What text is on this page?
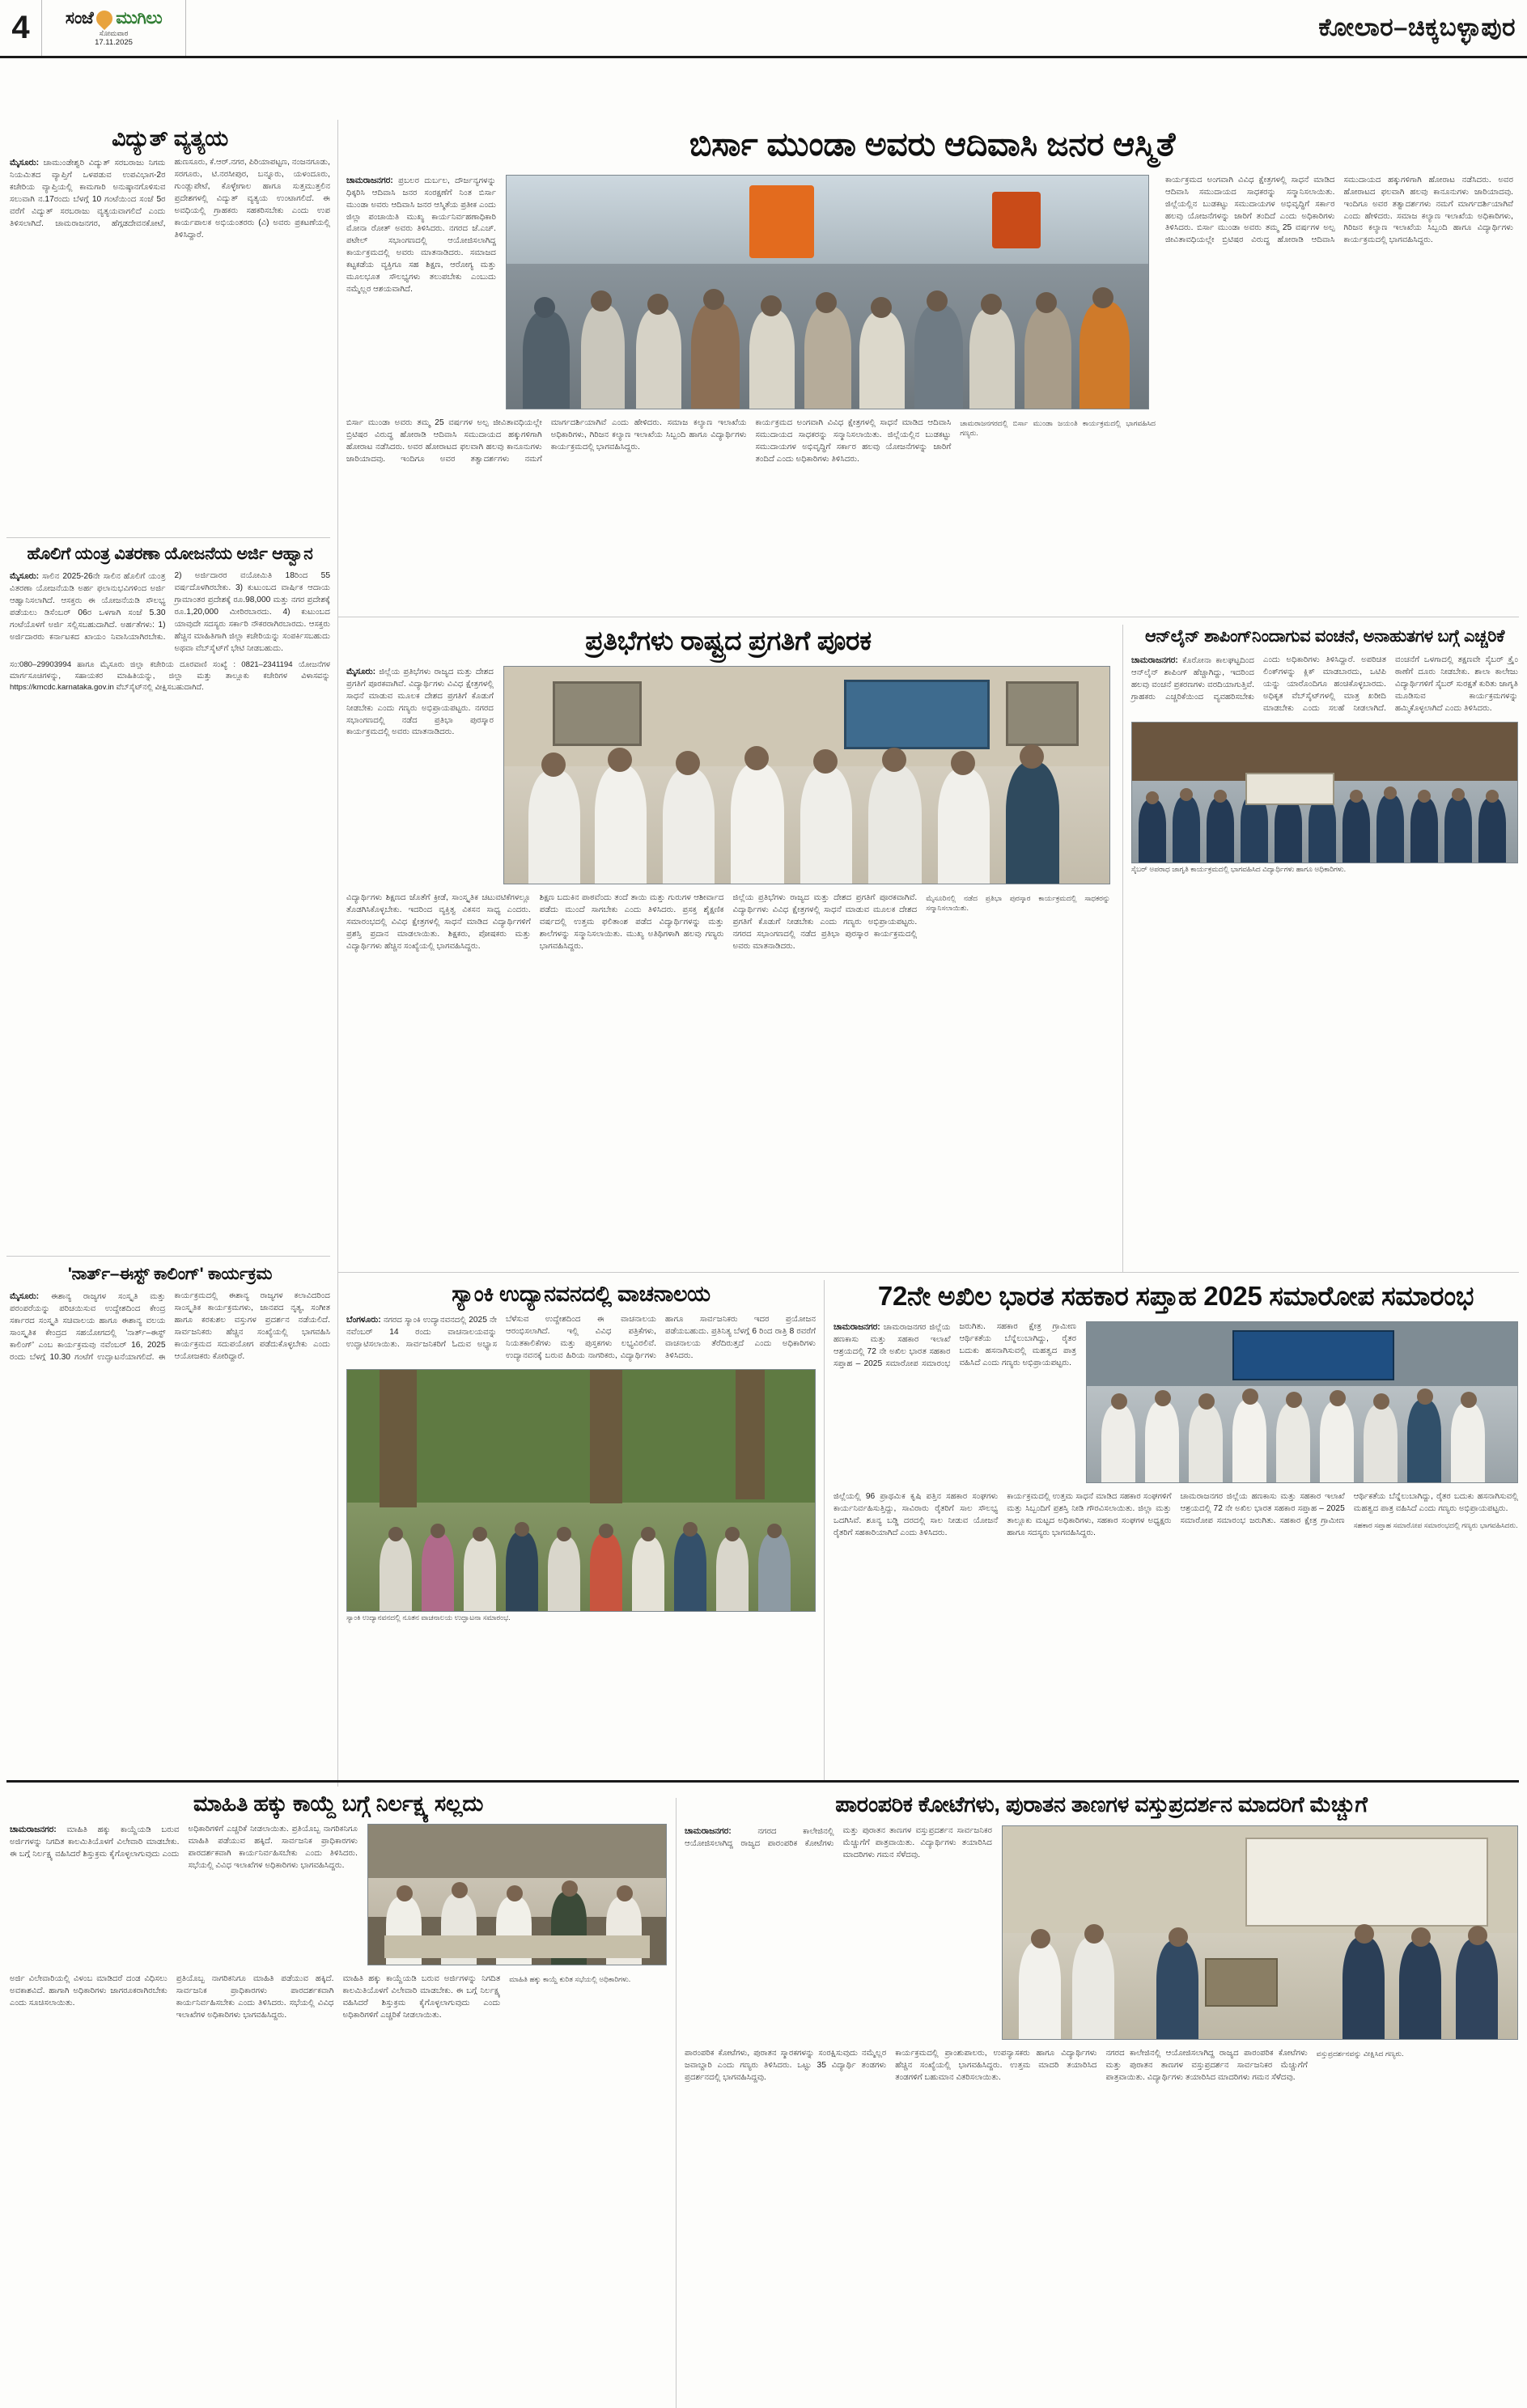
4	ಸಂಜೆ ಮುಗಿಲು
ಸೋಮವಾರ
17.11.2025
ಕೋಲಾರ–ಚಿಕ್ಕಬಳ್ಳಾಪುರ
ವಿದ್ಯುತ್ ವ್ಯತ್ಯಯ
ಮೈಸೂರು: ಚಾಮುಂಡೇಶ್ವರಿ ವಿದ್ಯುತ್ ಸರಬರಾಜು ನಿಗಮ ನಿಯಮಿತದ ವ್ಯಾಪ್ತಿಗೆ ಒಳಪಡುವ ಉಪವಿಭಾಗ-2ರ ಕಚೇರಿಯ ವ್ಯಾಪ್ತಿಯಲ್ಲಿ ಕಾಮಗಾರಿ ಅನುಷ್ಠಾನಗೊಳಿಸುವ ಸಲುವಾಗಿ ನ.17ರಂದು ಬೆಳಗ್ಗೆ 10 ಗಂಟೆಯಿಂದ ಸಂಜೆ 5ರ ವರೆಗೆ ವಿದ್ಯುತ್ ಸರಬರಾಜು ವ್ಯತ್ಯಯವಾಗಲಿದೆ ಎಂದು ತಿಳಿಸಲಾಗಿದೆ. ಚಾಮರಾಜನಗರ, ಹೆಗ್ಗಡದೇವನಕೋಟೆ, ಹುಣಸೂರು, ಕೆ.ಆರ್.ನಗರ, ಪಿರಿಯಾಪಟ್ಟಣ, ನಂಜನಗೂಡು, ಸರಗೂರು, ಟಿ.ನರಸೀಪುರ, ಬನ್ನೂರು, ಯಳಂದೂರು, ಗುಂಡ್ಲುಪೇಟೆ, ಕೊಳ್ಳೇಗಾಲ ಹಾಗೂ ಸುತ್ತಮುತ್ತಲಿನ ಪ್ರದೇಶಗಳಲ್ಲಿ ವಿದ್ಯುತ್ ವ್ಯತ್ಯಯ ಉಂಟಾಗಲಿದೆ. ಈ ಅವಧಿಯಲ್ಲಿ ಗ್ರಾಹಕರು ಸಹಕರಿಸಬೇಕು ಎಂದು ಉಪ ಕಾರ್ಯಪಾಲಕ ಅಭಿಯಂತರರು (ವಿ) ಅವರು ಪ್ರಕಟಣೆಯಲ್ಲಿ ತಿಳಿಸಿದ್ದಾರೆ.
ಹೊಲಿಗೆ ಯಂತ್ರ ವಿತರಣಾ ಯೋಜನೆಯ ಅರ್ಜಿ ಆಹ್ವಾನ
ಮೈಸೂರು: ಸಾಲಿನ 2025-26ನೇ ಸಾಲಿನ ಹೊಲಿಗೆ ಯಂತ್ರ ವಿತರಣಾ ಯೋಜನೆಯಡಿ ಅರ್ಹ ಫಲಾನುಭವಿಗಳಿಂದ ಅರ್ಜಿ ಆಹ್ವಾನಿಸಲಾಗಿದೆ. ಆಸಕ್ತರು ಈ ಯೋಜನೆಯಡಿ ಸೌಲಭ್ಯ ಪಡೆಯಲು ಡಿಸೆಂಬರ್ 06ರ ಒಳಗಾಗಿ ಸಂಜೆ 5.30 ಗಂಟೆಯೊಳಗೆ ಅರ್ಜಿ ಸಲ್ಲಿಸಬಹುದಾಗಿದೆ. ಅರ್ಹತೆಗಳು: 1) ಅರ್ಜಿದಾರರು ಕರ್ನಾಟಕದ ಖಾಯಂ ನಿವಾಸಿಯಾಗಿರಬೇಕು. 2) ಅರ್ಜಿದಾರರ ವಯೋಮಿತಿ 18ರಿಂದ 55 ವರ್ಷದೊಳಗಿರಬೇಕು. 3) ಕುಟುಂಬದ ವಾರ್ಷಿಕ ಆದಾಯ ಗ್ರಾಮಾಂತರ ಪ್ರದೇಶಕ್ಕೆ ರೂ.98,000 ಮತ್ತು ನಗರ ಪ್ರದೇಶಕ್ಕೆ ರೂ.1,20,000 ಮೀರಿರಬಾರದು. 4) ಕುಟುಂಬದ ಯಾವುದೇ ಸದಸ್ಯರು ಸರ್ಕಾರಿ ನೌಕರರಾಗಿರಬಾರದು. ಆಸಕ್ತರು ಹೆಚ್ಚಿನ ಮಾಹಿತಿಗಾಗಿ ಜಿಲ್ಲಾ ಕಚೇರಿಯನ್ನು ಸಂಪರ್ಕಿಸಬಹುದು ಅಥವಾ ವೆಬ್‌ಸೈಟ್‌ಗೆ ಭೇಟಿ ನೀಡಬಹುದು.
ಸಂ:080–29903994 ಹಾಗೂ ಮೈಸೂರು ಜಿಲ್ಲಾ ಕಚೇರಿಯ ದೂರವಾಣಿ ಸಂಖ್ಯೆ : 0821–2341194 ಯೋಜನೆಗಳ ಮಾರ್ಗಸೂಚಿಗಳನ್ನು, ಸಹಾಯಕರ ಮಾಹಿತಿಯನ್ನು, ಜಿಲ್ಲಾ ಮತ್ತು ತಾಲ್ಲೂಕು ಕಚೇರಿಗಳ ವಿಳಾಸವನ್ನು https://kmcdc.karnataka.gov.in ವೆಬ್‌ಸೈಟ್‌ನಲ್ಲಿ ವೀಕ್ಷಿಸಬಹುದಾಗಿದೆ.
'ನಾರ್ತ್–ಈಸ್ಟ್ ಕಾಲಿಂಗ್' ಕಾರ್ಯಕ್ರಮ
ಮೈಸೂರು: ಈಶಾನ್ಯ ರಾಜ್ಯಗಳ ಸಂಸ್ಕೃತಿ ಮತ್ತು ಪರಂಪರೆಯನ್ನು ಪರಿಚಯಿಸುವ ಉದ್ದೇಶದಿಂದ ಕೇಂದ್ರ ಸರ್ಕಾರದ ಸಂಸ್ಕೃತಿ ಸಚಿವಾಲಯ ಹಾಗೂ ಈಶಾನ್ಯ ವಲಯ ಸಾಂಸ್ಕೃತಿಕ ಕೇಂದ್ರದ ಸಹಯೋಗದಲ್ಲಿ 'ನಾರ್ತ್–ಈಸ್ಟ್ ಕಾಲಿಂಗ್' ಎಂಬ ಕಾರ್ಯಕ್ರಮವು ನವೆಂಬರ್ 16, 2025 ರಂದು ಬೆಳಗ್ಗೆ 10.30 ಗಂಟೆಗೆ ಉದ್ಘಾಟನೆಯಾಗಲಿದೆ. ಈ ಕಾರ್ಯಕ್ರಮದಲ್ಲಿ ಈಶಾನ್ಯ ರಾಜ್ಯಗಳ ಕಲಾವಿದರಿಂದ ಸಾಂಸ್ಕೃತಿಕ ಕಾರ್ಯಕ್ರಮಗಳು, ಜಾನಪದ ನೃತ್ಯ, ಸಂಗೀತ ಹಾಗೂ ಕರಕುಶಲ ವಸ್ತುಗಳ ಪ್ರದರ್ಶನ ನಡೆಯಲಿದೆ. ಸಾರ್ವಜನಿಕರು ಹೆಚ್ಚಿನ ಸಂಖ್ಯೆಯಲ್ಲಿ ಭಾಗವಹಿಸಿ ಕಾರ್ಯಕ್ರಮದ ಸದುಪಯೋಗ ಪಡೆದುಕೊಳ್ಳಬೇಕು ಎಂದು ಆಯೋಜಕರು ಕೋರಿದ್ದಾರೆ.
ಬಿರ್ಸಾ ಮುಂಡಾ ಅವರು ಆದಿವಾಸಿ ಜನರ ಆಸ್ಮಿತೆ
ಚಾಮರಾಜನಗರ: ಪ್ರಬಲರ ದುರ್ಬಲ, ದೌರ್ಜನ್ಯಗಳನ್ನು ಧಿಕ್ಕರಿಸಿ ಆದಿವಾಸಿ ಜನರ ಸಂರಕ್ಷಣೆಗೆ ನಿಂತ ಬಿರ್ಸಾ ಮುಂಡಾ ಅವರು ಆದಿವಾಸಿ ಜನರ ಆಸ್ಮಿತೆಯ ಪ್ರತೀಕ ಎಂದು ಜಿಲ್ಲಾ ಪಂಚಾಯಿತಿ ಮುಖ್ಯ ಕಾರ್ಯನಿರ್ವಹಣಾಧಿಕಾರಿ ಮೋನಾ ರೋತ್ ಅವರು ತಿಳಿಸಿದರು. ನಗರದ ಜೆ.ಎಚ್. ಪಟೇಲ್ ಸಭಾಂಗಣದಲ್ಲಿ ಆಯೋಜಿಸಲಾಗಿದ್ದ ಕಾರ್ಯಕ್ರಮದಲ್ಲಿ ಅವರು ಮಾತನಾಡಿದರು. ಸಮಾಜದ ಕಟ್ಟಕಡೆಯ ವ್ಯಕ್ತಿಗೂ ಸಹ ಶಿಕ್ಷಣ, ಆರೋಗ್ಯ ಮತ್ತು ಮೂಲಭೂತ ಸೌಲಭ್ಯಗಳು ತಲುಪಬೇಕು ಎಂಬುದು ನಮ್ಮೆಲ್ಲರ ಆಶಯವಾಗಿದೆ.

ಬಿರ್ಸಾ ಮುಂಡಾ ಅವರು ತಮ್ಮ 25 ವರ್ಷಗಳ ಅಲ್ಪ ಜೀವಿತಾವಧಿಯಲ್ಲೇ ಬ್ರಿಟಿಷರ ವಿರುದ್ಧ ಹೋರಾಡಿ ಆದಿವಾಸಿ ಸಮುದಾಯದ ಹಕ್ಕುಗಳಿಗಾಗಿ ಹೋರಾಟ ನಡೆಸಿದರು. ಅವರ ಹೋರಾಟದ ಫಲವಾಗಿ ಹಲವು ಕಾನೂನುಗಳು ಜಾರಿಯಾದವು. ಇಂದಿಗೂ ಅವರ ತತ್ವಾದರ್ಶಗಳು ನಮಗೆ ಮಾರ್ಗದರ್ಶಿಯಾಗಿವೆ ಎಂದು ಹೇಳಿದರು. ಸಮಾಜ ಕಲ್ಯಾಣ ಇಲಾಖೆಯ ಅಧಿಕಾರಿಗಳು, ಗಿರಿಜನ ಕಲ್ಯಾಣ ಇಲಾಖೆಯ ಸಿಬ್ಬಂದಿ ಹಾಗೂ ವಿದ್ಯಾರ್ಥಿಗಳು ಕಾರ್ಯಕ್ರಮದಲ್ಲಿ ಭಾಗವಹಿಸಿದ್ದರು.

ಕಾರ್ಯಕ್ರಮದ ಅಂಗವಾಗಿ ವಿವಿಧ ಕ್ಷೇತ್ರಗಳಲ್ಲಿ ಸಾಧನೆ ಮಾಡಿದ ಆದಿವಾಸಿ ಸಮುದಾಯದ ಸಾಧಕರನ್ನು ಸನ್ಮಾನಿಸಲಾಯಿತು. ಜಿಲ್ಲೆಯಲ್ಲಿನ ಬುಡಕಟ್ಟು ಸಮುದಾಯಗಳ ಅಭಿವೃದ್ಧಿಗೆ ಸರ್ಕಾರ ಹಲವು ಯೋಜನೆಗಳನ್ನು ಜಾರಿಗೆ ತಂದಿದೆ ಎಂದು ಅಧಿಕಾರಿಗಳು ತಿಳಿಸಿದರು.

ಚಾಮರಾಜನಗರದಲ್ಲಿ ಬಿರ್ಸಾ ಮುಂಡಾ ಜಯಂತಿ ಕಾರ್ಯಕ್ರಮದಲ್ಲಿ ಭಾಗವಹಿಸಿದ ಗಣ್ಯರು.

ಕಾರ್ಯಕ್ರಮದ ಅಂಗವಾಗಿ ವಿವಿಧ ಕ್ಷೇತ್ರಗಳಲ್ಲಿ ಸಾಧನೆ ಮಾಡಿದ ಆದಿವಾಸಿ ಸಮುದಾಯದ ಸಾಧಕರನ್ನು ಸನ್ಮಾನಿಸಲಾಯಿತು. ಜಿಲ್ಲೆಯಲ್ಲಿನ ಬುಡಕಟ್ಟು ಸಮುದಾಯಗಳ ಅಭಿವೃದ್ಧಿಗೆ ಸರ್ಕಾರ ಹಲವು ಯೋಜನೆಗಳನ್ನು ಜಾರಿಗೆ ತಂದಿದೆ ಎಂದು ಅಧಿಕಾರಿಗಳು ತಿಳಿಸಿದರು. ಬಿರ್ಸಾ ಮುಂಡಾ ಅವರು ತಮ್ಮ 25 ವರ್ಷಗಳ ಅಲ್ಪ ಜೀವಿತಾವಧಿಯಲ್ಲೇ ಬ್ರಿಟಿಷರ ವಿರುದ್ಧ ಹೋರಾಡಿ ಆದಿವಾಸಿ ಸಮುದಾಯದ ಹಕ್ಕುಗಳಿಗಾಗಿ ಹೋರಾಟ ನಡೆಸಿದರು. ಅವರ ಹೋರಾಟದ ಫಲವಾಗಿ ಹಲವು ಕಾನೂನುಗಳು ಜಾರಿಯಾದವು. ಇಂದಿಗೂ ಅವರ ತತ್ವಾದರ್ಶಗಳು ನಮಗೆ ಮಾರ್ಗದರ್ಶಿಯಾಗಿವೆ ಎಂದು ಹೇಳಿದರು. ಸಮಾಜ ಕಲ್ಯಾಣ ಇಲಾಖೆಯ ಅಧಿಕಾರಿಗಳು, ಗಿರಿಜನ ಕಲ್ಯಾಣ ಇಲಾಖೆಯ ಸಿಬ್ಬಂದಿ ಹಾಗೂ ವಿದ್ಯಾರ್ಥಿಗಳು ಕಾರ್ಯಕ್ರಮದಲ್ಲಿ ಭಾಗವಹಿಸಿದ್ದರು.
ಪ್ರತಿಭೆಗಳು ರಾಷ್ಟ್ರದ ಪ್ರಗತಿಗೆ ಪೂರಕ
ಮೈಸೂರು: ಜಿಲ್ಲೆಯ ಪ್ರತಿಭೆಗಳು ರಾಜ್ಯದ ಮತ್ತು ದೇಶದ ಪ್ರಗತಿಗೆ ಪೂರಕವಾಗಿವೆ. ವಿದ್ಯಾರ್ಥಿಗಳು ವಿವಿಧ ಕ್ಷೇತ್ರಗಳಲ್ಲಿ ಸಾಧನೆ ಮಾಡುವ ಮೂಲಕ ದೇಶದ ಪ್ರಗತಿಗೆ ಕೊಡುಗೆ ನೀಡಬೇಕು ಎಂದು ಗಣ್ಯರು ಅಭಿಪ್ರಾಯಪಟ್ಟರು. ನಗರದ ಸಭಾಂಗಣದಲ್ಲಿ ನಡೆದ ಪ್ರತಿಭಾ ಪುರಸ್ಕಾರ ಕಾರ್ಯಕ್ರಮದಲ್ಲಿ ಅವರು ಮಾತನಾಡಿದರು.

ವಿದ್ಯಾರ್ಥಿಗಳು ಶಿಕ್ಷಣದ ಜೊತೆಗೆ ಕ್ರೀಡೆ, ಸಾಂಸ್ಕೃತಿಕ ಚಟುವಟಿಕೆಗಳಲ್ಲೂ ತೊಡಗಿಸಿಕೊಳ್ಳಬೇಕು. ಇದರಿಂದ ವ್ಯಕ್ತಿತ್ವ ವಿಕಸನ ಸಾಧ್ಯ ಎಂದರು. ಸಮಾರಂಭದಲ್ಲಿ ವಿವಿಧ ಕ್ಷೇತ್ರಗಳಲ್ಲಿ ಸಾಧನೆ ಮಾಡಿದ ವಿದ್ಯಾರ್ಥಿಗಳಿಗೆ ಪ್ರಶಸ್ತಿ ಪ್ರದಾನ ಮಾಡಲಾಯಿತು. ಶಿಕ್ಷಕರು, ಪೋಷಕರು ಮತ್ತು ವಿದ್ಯಾರ್ಥಿಗಳು ಹೆಚ್ಚಿನ ಸಂಖ್ಯೆಯಲ್ಲಿ ಭಾಗವಹಿಸಿದ್ದರು.

ಶಿಕ್ಷಣ ಬದುಕಿನ ಪಾಠವೆಂದು ತಂದೆ ತಾಯಿ ಮತ್ತು ಗುರುಗಳ ಆಶೀರ್ವಾದ ಪಡೆದು ಮುಂದೆ ಸಾಗಬೇಕು ಎಂದು ತಿಳಿಸಿದರು. ಪ್ರಸಕ್ತ ಶೈಕ್ಷಣಿಕ ವರ್ಷದಲ್ಲಿ ಉತ್ತಮ ಫಲಿತಾಂಶ ಪಡೆದ ವಿದ್ಯಾರ್ಥಿಗಳನ್ನು ಮತ್ತು ಶಾಲೆಗಳನ್ನು ಸನ್ಮಾನಿಸಲಾಯಿತು. ಮುಖ್ಯ ಅತಿಥಿಗಳಾಗಿ ಹಲವು ಗಣ್ಯರು ಭಾಗವಹಿಸಿದ್ದರು.

ಜಿಲ್ಲೆಯ ಪ್ರತಿಭೆಗಳು ರಾಜ್ಯದ ಮತ್ತು ದೇಶದ ಪ್ರಗತಿಗೆ ಪೂರಕವಾಗಿವೆ. ವಿದ್ಯಾರ್ಥಿಗಳು ವಿವಿಧ ಕ್ಷೇತ್ರಗಳಲ್ಲಿ ಸಾಧನೆ ಮಾಡುವ ಮೂಲಕ ದೇಶದ ಪ್ರಗತಿಗೆ ಕೊಡುಗೆ ನೀಡಬೇಕು ಎಂದು ಗಣ್ಯರು ಅಭಿಪ್ರಾಯಪಟ್ಟರು. ನಗರದ ಸಭಾಂಗಣದಲ್ಲಿ ನಡೆದ ಪ್ರತಿಭಾ ಪುರಸ್ಕಾರ ಕಾರ್ಯಕ್ರಮದಲ್ಲಿ ಅವರು ಮಾತನಾಡಿದರು.

ಮೈಸೂರಿನಲ್ಲಿ ನಡೆದ ಪ್ರತಿಭಾ ಪುರಸ್ಕಾರ ಕಾರ್ಯಕ್ರಮದಲ್ಲಿ ಸಾಧಕರನ್ನು ಸನ್ಮಾನಿಸಲಾಯಿತು.

ಆನ್‌ಲೈನ್ ಶಾಪಿಂಗ್‌ನಿಂದಾಗುವ ವಂಚನೆ, ಅನಾಹುತಗಳ ಬಗ್ಗೆ ಎಚ್ಚರಿಕೆ
ಚಾಮರಾಜನಗರ: ಕೊರೋನಾ ಕಾಲಘಟ್ಟದಿಂದ ಆನ್‌ಲೈನ್ ಶಾಪಿಂಗ್ ಹೆಚ್ಚಾಗಿದ್ದು, ಇದರಿಂದ ಹಲವು ವಂಚನೆ ಪ್ರಕರಣಗಳು ವರದಿಯಾಗುತ್ತಿವೆ. ಗ್ರಾಹಕರು ಎಚ್ಚರಿಕೆಯಿಂದ ವ್ಯವಹರಿಸಬೇಕು ಎಂದು ಅಧಿಕಾರಿಗಳು ತಿಳಿಸಿದ್ದಾರೆ. ಅಪರಿಚಿತ ಲಿಂಕ್‌ಗಳನ್ನು ಕ್ಲಿಕ್ ಮಾಡಬಾರದು, ಒಟಿಪಿ ಯನ್ನು ಯಾರೊಂದಿಗೂ ಹಂಚಿಕೊಳ್ಳಬಾರದು. ಅಧಿಕೃತ ವೆಬ್‌ಸೈಟ್‌ಗಳಲ್ಲಿ ಮಾತ್ರ ಖರೀದಿ ಮಾಡಬೇಕು ಎಂದು ಸಲಹೆ ನೀಡಲಾಗಿದೆ. ವಂಚನೆಗೆ ಒಳಗಾದಲ್ಲಿ ತಕ್ಷಣವೇ ಸೈಬರ್ ಕ್ರೈಂ ಠಾಣೆಗೆ ದೂರು ನೀಡಬೇಕು. ಶಾಲಾ ಕಾಲೇಜು ವಿದ್ಯಾರ್ಥಿಗಳಿಗೆ ಸೈಬರ್ ಸುರಕ್ಷತೆ ಕುರಿತು ಜಾಗೃತಿ ಮೂಡಿಸುವ ಕಾರ್ಯಕ್ರಮಗಳನ್ನು ಹಮ್ಮಿಕೊಳ್ಳಲಾಗಿದೆ ಎಂದು ತಿಳಿಸಿದರು.
ಸೈಬರ್ ಅಪರಾಧ ಜಾಗೃತಿ ಕಾರ್ಯಕ್ರಮದಲ್ಲಿ ಭಾಗವಹಿಸಿದ ವಿದ್ಯಾರ್ಥಿಗಳು ಹಾಗೂ ಅಧಿಕಾರಿಗಳು.
ಸ್ಯಾಂಕಿ ಉದ್ಯಾನವನದಲ್ಲಿ ವಾಚನಾಲಯ
ಬೆಂಗಳೂರು: ನಗರದ ಸ್ಯಾಂಕಿ ಉದ್ಯಾನವನದಲ್ಲಿ 2025 ನೇ ನವೆಂಬರ್ 14 ರಂದು ವಾಚನಾಲಯವನ್ನು ಉದ್ಘಾಟಿಸಲಾಯಿತು. ಸಾರ್ವಜನಿಕರಿಗೆ ಓದುವ ಅಭ್ಯಾಸ ಬೆಳೆಸುವ ಉದ್ದೇಶದಿಂದ ಈ ವಾಚನಾಲಯ ಆರಂಭಿಸಲಾಗಿದೆ. ಇಲ್ಲಿ ವಿವಿಧ ಪತ್ರಿಕೆಗಳು, ನಿಯತಕಾಲಿಕೆಗಳು ಮತ್ತು ಪುಸ್ತಕಗಳು ಲಭ್ಯವಿರಲಿವೆ. ಉದ್ಯಾನವನಕ್ಕೆ ಬರುವ ಹಿರಿಯ ನಾಗರಿಕರು, ವಿದ್ಯಾರ್ಥಿಗಳು ಹಾಗೂ ಸಾರ್ವಜನಿಕರು ಇದರ ಪ್ರಯೋಜನ ಪಡೆಯಬಹುದು. ಪ್ರತಿನಿತ್ಯ ಬೆಳಗ್ಗೆ 6 ರಿಂದ ರಾತ್ರಿ 8 ರವರೆಗೆ ವಾಚನಾಲಯ ತೆರೆದಿರುತ್ತದೆ ಎಂದು ಅಧಿಕಾರಿಗಳು ತಿಳಿಸಿದರು.
ಸ್ಯಾಂಕಿ ಉದ್ಯಾನವನದಲ್ಲಿ ನೂತನ ವಾಚನಾಲಯ ಉದ್ಘಾಟನಾ ಸಮಾರಂಭ.
72ನೇ ಅಖಿಲ ಭಾರತ ಸಹಕಾರ ಸಪ್ತಾಹ 2025 ಸಮಾರೋಪ ಸಮಾರಂಭ
ಚಾಮರಾಜನಗರ: ಚಾಮರಾಜನಗರ ಜಿಲ್ಲೆಯ ಹಣಕಾಸು ಮತ್ತು ಸಹಕಾರ ಇಲಾಖೆ ಆಶ್ರಯದಲ್ಲಿ 72 ನೇ ಅಖಿಲ ಭಾರತ ಸಹಕಾರ ಸಪ್ತಾಹ – 2025 ಸಮಾರೋಪ ಸಮಾರಂಭ ಜರುಗಿತು. ಸಹಕಾರ ಕ್ಷೇತ್ರ ಗ್ರಾಮೀಣ ಆರ್ಥಿಕತೆಯ ಬೆನ್ನೆಲುಬಾಗಿದ್ದು, ರೈತರ ಬದುಕು ಹಸನಾಗಿಸುವಲ್ಲಿ ಮಹತ್ವದ ಪಾತ್ರ ವಹಿಸಿದೆ ಎಂದು ಗಣ್ಯರು ಅಭಿಪ್ರಾಯಪಟ್ಟರು.

ಜಿಲ್ಲೆಯಲ್ಲಿ 96 ಪ್ರಾಥಮಿಕ ಕೃಷಿ ಪತ್ತಿನ ಸಹಕಾರ ಸಂಘಗಳು ಕಾರ್ಯನಿರ್ವಹಿಸುತ್ತಿದ್ದು, ಸಾವಿರಾರು ರೈತರಿಗೆ ಸಾಲ ಸೌಲಭ್ಯ ಒದಗಿಸಿವೆ. ಶೂನ್ಯ ಬಡ್ಡಿ ದರದಲ್ಲಿ ಸಾಲ ನೀಡುವ ಯೋಜನೆ ರೈತರಿಗೆ ಸಹಕಾರಿಯಾಗಿದೆ ಎಂದು ತಿಳಿಸಿದರು.

ಕಾರ್ಯಕ್ರಮದಲ್ಲಿ ಉತ್ತಮ ಸಾಧನೆ ಮಾಡಿದ ಸಹಕಾರ ಸಂಘಗಳಿಗೆ ಮತ್ತು ಸಿಬ್ಬಂದಿಗೆ ಪ್ರಶಸ್ತಿ ನೀಡಿ ಗೌರವಿಸಲಾಯಿತು. ಜಿಲ್ಲಾ ಮತ್ತು ತಾಲ್ಲೂಕು ಮಟ್ಟದ ಅಧಿಕಾರಿಗಳು, ಸಹಕಾರ ಸಂಘಗಳ ಅಧ್ಯಕ್ಷರು ಹಾಗೂ ಸದಸ್ಯರು ಭಾಗವಹಿಸಿದ್ದರು.

ಚಾಮರಾಜನಗರ ಜಿಲ್ಲೆಯ ಹಣಕಾಸು ಮತ್ತು ಸಹಕಾರ ಇಲಾಖೆ ಆಶ್ರಯದಲ್ಲಿ 72 ನೇ ಅಖಿಲ ಭಾರತ ಸಹಕಾರ ಸಪ್ತಾಹ – 2025 ಸಮಾರೋಪ ಸಮಾರಂಭ ಜರುಗಿತು. ಸಹಕಾರ ಕ್ಷೇತ್ರ ಗ್ರಾಮೀಣ ಆರ್ಥಿಕತೆಯ ಬೆನ್ನೆಲುಬಾಗಿದ್ದು, ರೈತರ ಬದುಕು ಹಸನಾಗಿಸುವಲ್ಲಿ ಮಹತ್ವದ ಪಾತ್ರ ವಹಿಸಿದೆ ಎಂದು ಗಣ್ಯರು ಅಭಿಪ್ರಾಯಪಟ್ಟರು.

ಸಹಕಾರ ಸಪ್ತಾಹ ಸಮಾರೋಪ ಸಮಾರಂಭದಲ್ಲಿ ಗಣ್ಯರು ಭಾಗವಹಿಸಿದರು.

ಮಾಹಿತಿ ಹಕ್ಕು ಕಾಯ್ದೆ ಬಗ್ಗೆ ನಿರ್ಲಕ್ಷ್ಯ ಸಲ್ಲದು
ಚಾಮರಾಜನಗರ: ಮಾಹಿತಿ ಹಕ್ಕು ಕಾಯ್ದೆಯಡಿ ಬರುವ ಅರ್ಜಿಗಳನ್ನು ನಿಗದಿತ ಕಾಲಮಿತಿಯೊಳಗೆ ವಿಲೇವಾರಿ ಮಾಡಬೇಕು. ಈ ಬಗ್ಗೆ ನಿರ್ಲಕ್ಷ್ಯ ವಹಿಸಿದರೆ ಶಿಸ್ತುಕ್ರಮ ಕೈಗೊಳ್ಳಲಾಗುವುದು ಎಂದು ಅಧಿಕಾರಿಗಳಿಗೆ ಎಚ್ಚರಿಕೆ ನೀಡಲಾಯಿತು. ಪ್ರತಿಯೊಬ್ಬ ನಾಗರಿಕನಿಗೂ ಮಾಹಿತಿ ಪಡೆಯುವ ಹಕ್ಕಿದೆ. ಸಾರ್ವಜನಿಕ ಪ್ರಾಧಿಕಾರಗಳು ಪಾರದರ್ಶಕವಾಗಿ ಕಾರ್ಯನಿರ್ವಹಿಸಬೇಕು ಎಂದು ತಿಳಿಸಿದರು. ಸಭೆಯಲ್ಲಿ ವಿವಿಧ ಇಲಾಖೆಗಳ ಅಧಿಕಾರಿಗಳು ಭಾಗವಹಿಸಿದ್ದರು.

ಅರ್ಜಿ ವಿಲೇವಾರಿಯಲ್ಲಿ ವಿಳಂಬ ಮಾಡಿದರೆ ದಂಡ ವಿಧಿಸಲು ಅವಕಾಶವಿದೆ. ಹಾಗಾಗಿ ಅಧಿಕಾರಿಗಳು ಜಾಗರೂಕರಾಗಿರಬೇಕು ಎಂದು ಸೂಚಿಸಲಾಯಿತು.

ಪ್ರತಿಯೊಬ್ಬ ನಾಗರಿಕನಿಗೂ ಮಾಹಿತಿ ಪಡೆಯುವ ಹಕ್ಕಿದೆ. ಸಾರ್ವಜನಿಕ ಪ್ರಾಧಿಕಾರಗಳು ಪಾರದರ್ಶಕವಾಗಿ ಕಾರ್ಯನಿರ್ವಹಿಸಬೇಕು ಎಂದು ತಿಳಿಸಿದರು. ಸಭೆಯಲ್ಲಿ ವಿವಿಧ ಇಲಾಖೆಗಳ ಅಧಿಕಾರಿಗಳು ಭಾಗವಹಿಸಿದ್ದರು.

ಮಾಹಿತಿ ಹಕ್ಕು ಕಾಯ್ದೆಯಡಿ ಬರುವ ಅರ್ಜಿಗಳನ್ನು ನಿಗದಿತ ಕಾಲಮಿತಿಯೊಳಗೆ ವಿಲೇವಾರಿ ಮಾಡಬೇಕು. ಈ ಬಗ್ಗೆ ನಿರ್ಲಕ್ಷ್ಯ ವಹಿಸಿದರೆ ಶಿಸ್ತುಕ್ರಮ ಕೈಗೊಳ್ಳಲಾಗುವುದು ಎಂದು ಅಧಿಕಾರಿಗಳಿಗೆ ಎಚ್ಚರಿಕೆ ನೀಡಲಾಯಿತು.

ಮಾಹಿತಿ ಹಕ್ಕು ಕಾಯ್ದೆ ಕುರಿತ ಸಭೆಯಲ್ಲಿ ಅಧಿಕಾರಿಗಳು.

ಪಾರಂಪರಿಕ ಕೋಟೆಗಳು, ಪುರಾತನ ತಾಣಗಳ ವಸ್ತುಪ್ರದರ್ಶನ ಮಾದರಿಗೆ ಮೆಚ್ಚುಗೆ
ಚಾಮರಾಜನಗರ:	ನಗರದ ಕಾಲೇಜಿನಲ್ಲಿ ಆಯೋಜಿಸಲಾಗಿದ್ದ ರಾಜ್ಯದ ಪಾರಂಪರಿಕ ಕೋಟೆಗಳು ಮತ್ತು ಪುರಾತನ ತಾಣಗಳ ವಸ್ತುಪ್ರದರ್ಶನ ಸಾರ್ವಜನಿಕರ ಮೆಚ್ಚುಗೆಗೆ ಪಾತ್ರವಾಯಿತು. ವಿದ್ಯಾರ್ಥಿಗಳು ತಯಾರಿಸಿದ ಮಾದರಿಗಳು ಗಮನ ಸೆಳೆದವು.

ಪಾರಂಪರಿಕ ಕೋಟೆಗಳು, ಪುರಾತನ ಸ್ಮಾರಕಗಳನ್ನು ಸಂರಕ್ಷಿಸುವುದು ನಮ್ಮೆಲ್ಲರ ಜವಾಬ್ದಾರಿ ಎಂದು ಗಣ್ಯರು ತಿಳಿಸಿದರು. ಒಟ್ಟು 35 ವಿದ್ಯಾರ್ಥಿ ತಂಡಗಳು ಪ್ರದರ್ಶನದಲ್ಲಿ ಭಾಗವಹಿಸಿದ್ದವು.

ಕಾರ್ಯಕ್ರಮದಲ್ಲಿ ಪ್ರಾಂಶುಪಾಲರು, ಉಪನ್ಯಾಸಕರು ಹಾಗೂ ವಿದ್ಯಾರ್ಥಿಗಳು ಹೆಚ್ಚಿನ ಸಂಖ್ಯೆಯಲ್ಲಿ ಭಾಗವಹಿಸಿದ್ದರು. ಉತ್ತಮ ಮಾದರಿ ತಯಾರಿಸಿದ ತಂಡಗಳಿಗೆ ಬಹುಮಾನ ವಿತರಿಸಲಾಯಿತು.

ನಗರದ ಕಾಲೇಜಿನಲ್ಲಿ ಆಯೋಜಿಸಲಾಗಿದ್ದ ರಾಜ್ಯದ ಪಾರಂಪರಿಕ ಕೋಟೆಗಳು ಮತ್ತು ಪುರಾತನ ತಾಣಗಳ ವಸ್ತುಪ್ರದರ್ಶನ ಸಾರ್ವಜನಿಕರ ಮೆಚ್ಚುಗೆಗೆ ಪಾತ್ರವಾಯಿತು. ವಿದ್ಯಾರ್ಥಿಗಳು ತಯಾರಿಸಿದ ಮಾದರಿಗಳು ಗಮನ ಸೆಳೆದವು.

ವಸ್ತುಪ್ರದರ್ಶನವನ್ನು ವೀಕ್ಷಿಸಿದ ಗಣ್ಯರು.
